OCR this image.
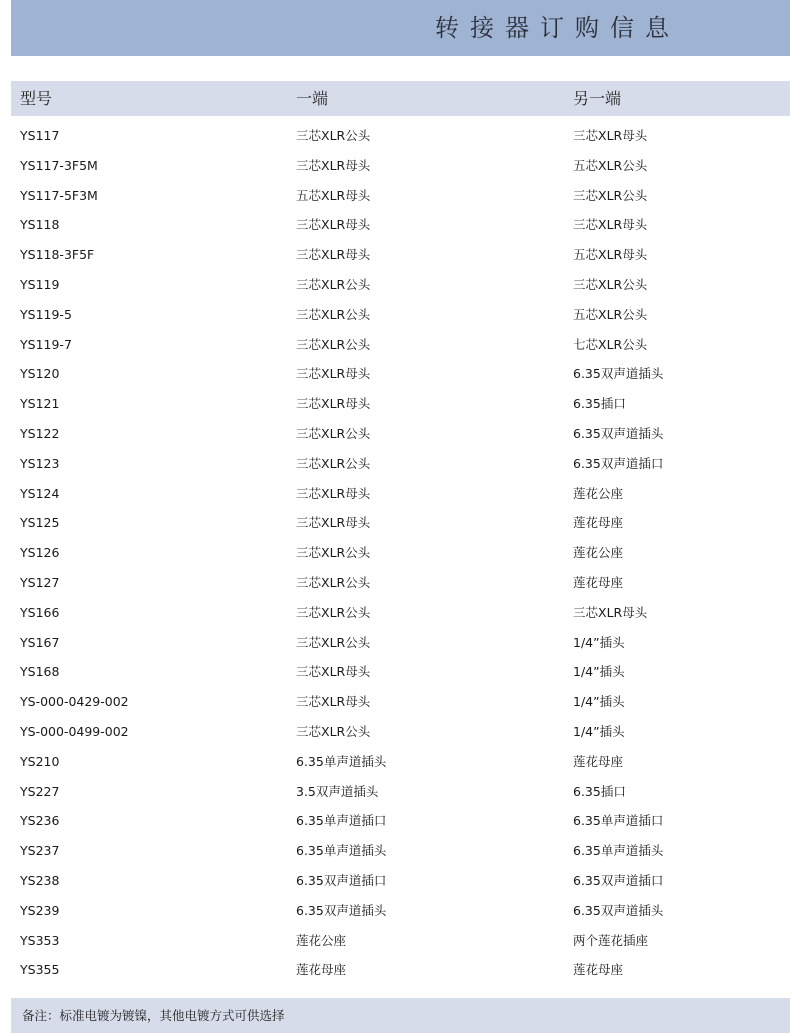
转接器订购信息
型号	一端	另一端
YS117	三芯XLR公头	三芯XLR母头
YS117-3F5M	三芯XLR母头	五芯XLR公头
YS117-5F3M	五芯XLR母头	三芯XLR公头
YS118	三芯XLR母头	三芯XLR母头
YS118-3F5F	三芯XLR母头	五芯XLR母头
YS119	三芯XLR公头	三芯XLR公头
YS119-5	三芯XLR公头	五芯XLR公头
YS119-7	三芯XLR公头	七芯XLR公头
YS120	三芯XLR母头	6.35双声道插头
YS121	三芯XLR母头	6.35插口
YS122	三芯XLR公头	6.35双声道插头
YS123	三芯XLR公头	6.35双声道插口
YS124	三芯XLR母头	莲花公座
YS125	三芯XLR母头	莲花母座
YS126	三芯XLR公头	莲花公座
YS127	三芯XLR公头	莲花母座
YS166	三芯XLR公头	三芯XLR母头
YS167	三芯XLR公头	1/4”插头
YS168	三芯XLR母头	1/4”插头
YS-000-0429-002	三芯XLR母头	1/4”插头
YS-000-0499-002	三芯XLR公头	1/4”插头
YS210	6.35单声道插头	莲花母座
YS227	3.5双声道插头	6.35插口
YS236	6.35单声道插口	6.35单声道插口
YS237	6.35单声道插头	6.35单声道插头
YS238	6.35双声道插口	6.35双声道插口
YS239	6.35双声道插头	6.35双声道插头
YS353	莲花公座	两个莲花插座
YS355	莲花母座	莲花母座
备注：标准电镀为镀镍，其他电镀方式可供选择
